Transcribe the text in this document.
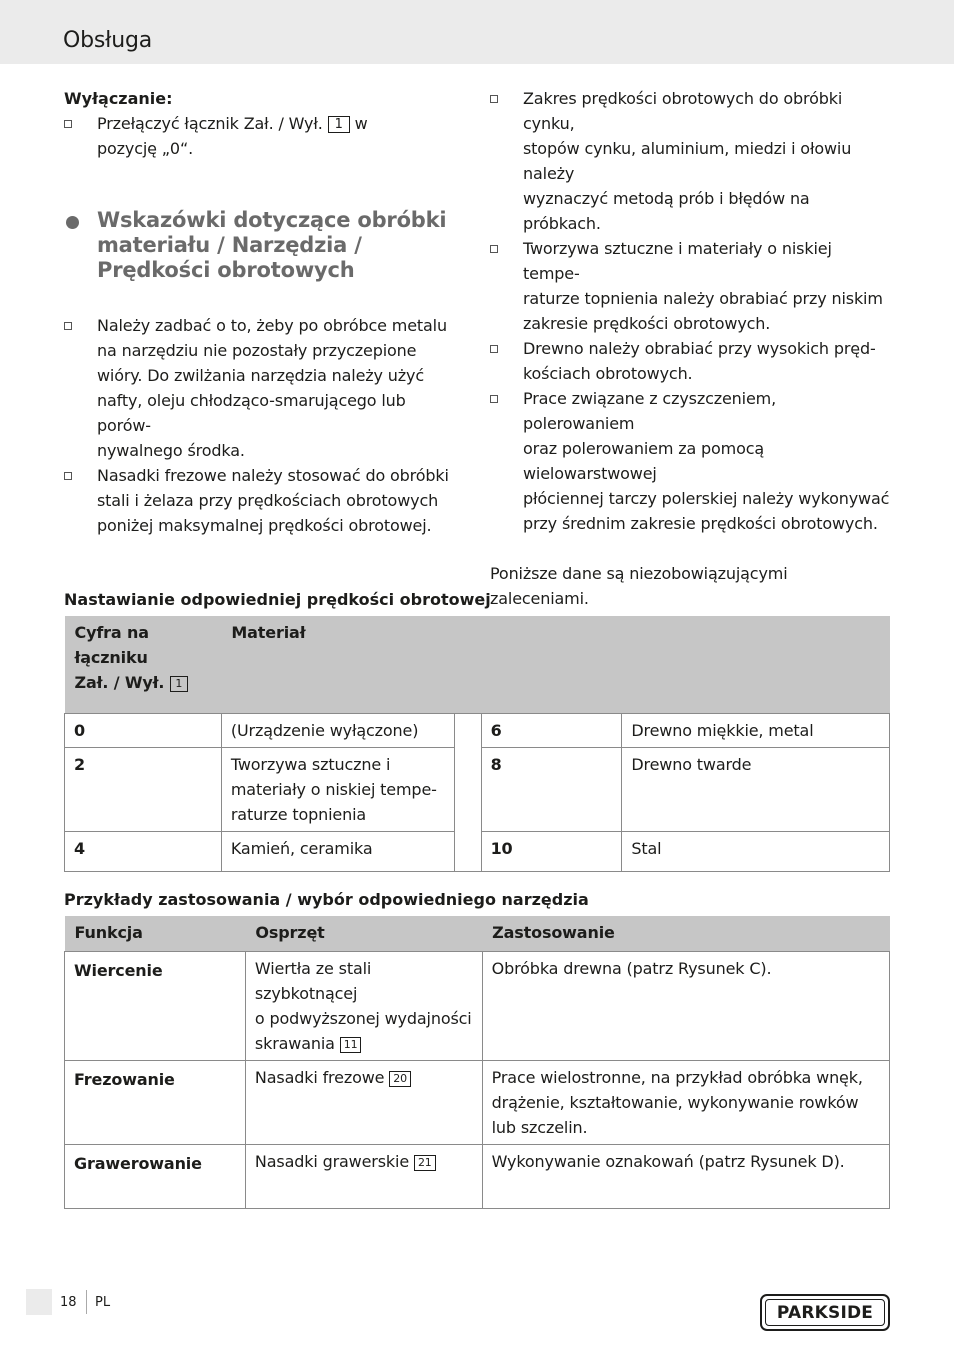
Obsługa
Wyłączanie:
Przełączyć łącznik Zał. / Wył. 1 w
pozycję „0“.
Wskazówki dotyczące obróbki
materiału / Narzędzia /
Prędkości obrotowych
Należy zadbać o to, żeby po obróbce metalu
na narzędziu nie pozostały przyczepione
wióry. Do zwilżania narzędzia należy użyć
nafty, oleju chłodząco-smarującego lub porów-
nywalnego środka.
Nasadki frezowe należy stosować do obróbki
stali i żelaza przy prędkościach obrotowych
poniżej maksymalnej prędkości obrotowej.
Zakres prędkości obrotowych do obróbki cynku,
stopów cynku, aluminium, miedzi i ołowiu należy
wyznaczyć metodą prób i błędów na próbkach.
Tworzywa sztuczne i materiały o niskiej tempe-
raturze topnienia należy obrabiać przy niskim
zakresie prędkości obrotowych.
Drewno należy obrabiać przy wysokich pręd-
kościach obrotowych.
Prace związane z czyszczeniem, polerowaniem
oraz polerowaniem za pomocą wielowarstwowej
płóciennej tarczy polerskiej należy wykonywać
przy średnim zakresie prędkości obrotowych.
Poniższe dane są niezobowiązującymi zaleceniami.
Nastawianie odpowiedniej prędkości obrotowej
Cyfra na
łączniku
Zał. / Wył. 1	Materiał			
0	(Urządzenie wyłączone)		6	Drewno miękkie, metal
2	Tworzywa sztuczne i
materiały o niskiej tempe-
raturze topnienia		8	Drewno twarde
4	Kamień, ceramika		10	Stal
Przykłady zastosowania / wybór odpowiedniego narzędzia
Funkcja	Osprzęt	Zastosowanie
Wiercenie	Wiertła ze stali szybkotnącej
o podwyższonej wydajności
skrawania 11	Obróbka drewna (patrz Rysunek C).
Frezowanie	Nasadki frezowe 20	Prace wielostronne, na przykład obróbka wnęk,
drążenie, kształtowanie, wykonywanie rowków
lub szczelin.

Grawerowanie	Nasadki grawerskie 21	Wykonywanie oznakowań (patrz Rysunek D).
18 PL	PARKSIDE
